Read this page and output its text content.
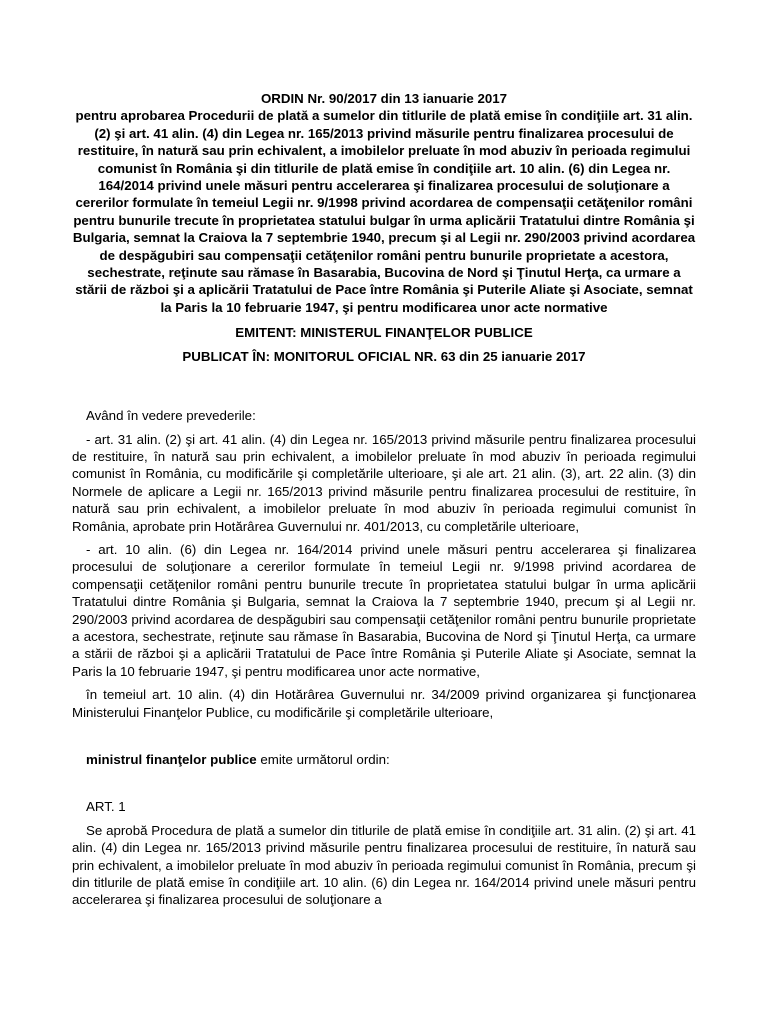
ORDIN Nr. 90/2017 din 13 ianuarie 2017

pentru aprobarea Procedurii de plată a sumelor din titlurile de plată emise în condiţiile art. 31 alin. (2) şi art. 41 alin. (4) din Legea nr. 165/2013 privind măsurile pentru finalizarea procesului de restituire, în natură sau prin echivalent, a imobilelor preluate în mod abuziv în perioada regimului comunist în România şi din titlurile de plată emise în condiţiile art. 10 alin. (6) din Legea nr. 164/2014 privind unele măsuri pentru accelerarea şi finalizarea procesului de soluţionare a cererilor formulate în temeiul Legii nr. 9/1998 privind acordarea de compensaţii cetăţenilor români pentru bunurile trecute în proprietatea statului bulgar în urma aplicării Tratatului dintre România şi Bulgaria, semnat la Craiova la 7 septembrie 1940, precum şi al Legii nr. 290/2003 privind acordarea de despăgubiri sau compensaţii cetăţenilor români pentru bunurile proprietate a acestora, sechestrate, reţinute sau rămase în Basarabia, Bucovina de Nord şi Ţinutul Herţa, ca urmare a stării de război şi a aplicării Tratatului de Pace între România şi Puterile Aliate şi Asociate, semnat la Paris la 10 februarie 1947, şi pentru modificarea unor acte normative

EMITENT: MINISTERUL FINANŢELOR PUBLICE

PUBLICAT ÎN: MONITORUL OFICIAL NR. 63 din 25 ianuarie 2017

Având în vedere prevederile:

- art. 31 alin. (2) şi art. 41 alin. (4) din Legea nr. 165/2013 privind măsurile pentru finalizarea procesului de restituire, în natură sau prin echivalent, a imobilelor preluate în mod abuziv în perioada regimului comunist în România, cu modificările şi completările ulterioare, şi ale art. 21 alin. (3), art. 22 alin. (3) din Normele de aplicare a Legii nr. 165/2013 privind măsurile pentru finalizarea procesului de restituire, în natură sau prin echivalent, a imobilelor preluate în mod abuziv în perioada regimului comunist în România, aprobate prin Hotărârea Guvernului nr. 401/2013, cu completările ulterioare,

- art. 10 alin. (6) din Legea nr. 164/2014 privind unele măsuri pentru accelerarea şi finalizarea procesului de soluţionare a cererilor formulate în temeiul Legii nr. 9/1998 privind acordarea de compensaţii cetăţenilor români pentru bunurile trecute în proprietatea statului bulgar în urma aplicării Tratatului dintre România şi Bulgaria, semnat la Craiova la 7 septembrie 1940, precum şi al Legii nr. 290/2003 privind acordarea de despăgubiri sau compensaţii cetăţenilor români pentru bunurile proprietate a acestora, sechestrate, reţinute sau rămase în Basarabia, Bucovina de Nord şi Ţinutul Herţa, ca urmare a stării de război şi a aplicării Tratatului de Pace între România şi Puterile Aliate şi Asociate, semnat la Paris la 10 februarie 1947, şi pentru modificarea unor acte normative,

în temeiul art. 10 alin. (4) din Hotărârea Guvernului nr. 34/2009 privind organizarea şi funcţionarea Ministerului Finanţelor Publice, cu modificările şi completările ulterioare,

ministrul finanţelor publice emite următorul ordin:

ART. 1

Se aprobă Procedura de plată a sumelor din titlurile de plată emise în condiţiile art. 31 alin. (2) şi art. 41 alin. (4) din Legea nr. 165/2013 privind măsurile pentru finalizarea procesului de restituire, în natură sau prin echivalent, a imobilelor preluate în mod abuziv în perioada regimului comunist în România, precum şi din titlurile de plată emise în condiţiile art. 10 alin. (6) din Legea nr. 164/2014 privind unele măsuri pentru accelerarea şi finalizarea procesului de soluţionare a
